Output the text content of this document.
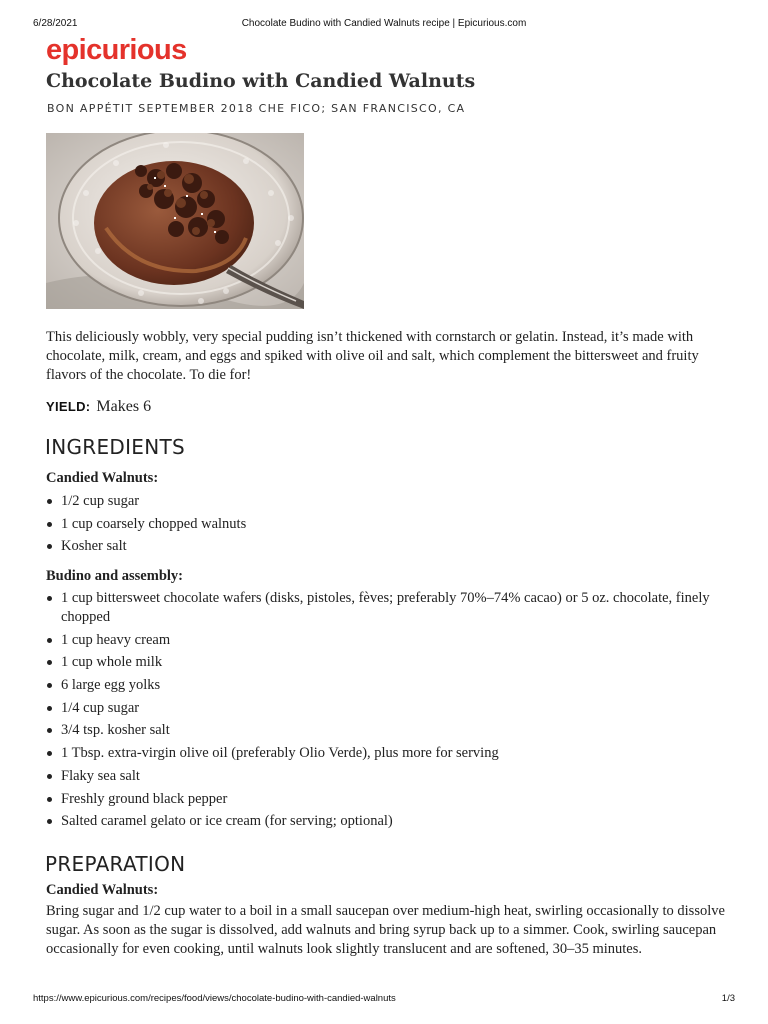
6/28/2021	Chocolate Budino with Candied Walnuts recipe | Epicurious.com
epicurious
Chocolate Budino with Candied Walnuts
BON APPÉTIT SEPTEMBER 2018 CHE FICO; SAN FRANCISCO, CA
This deliciously wobbly, very special pudding isn’t thickened with cornstarch or gelatin. Instead, it’s made with chocolate, milk, cream, and eggs and spiked with olive oil and salt, which complement the bittersweet and fruity flavors of the chocolate. To die for!
YIELD: Makes 6
INGREDIENTS
Candied Walnuts:
1/2 cup sugar
1 cup coarsely chopped walnuts
Kosher salt
Budino and assembly:
1 cup bittersweet chocolate wafers (disks, pistoles, fèves; preferably 70%–74% cacao) or 5 oz. chocolate, finely chopped
1 cup heavy cream
1 cup whole milk
6 large egg yolks
1/4 cup sugar
3/4 tsp. kosher salt
1 Tbsp. extra-virgin olive oil (preferably Olio Verde), plus more for serving
Flaky sea salt
Freshly ground black pepper
Salted caramel gelato or ice cream (for serving; optional)
PREPARATION
Candied Walnuts:
Bring sugar and 1/2 cup water to a boil in a small saucepan over medium-high heat, swirling occasionally to dissolve sugar. As soon as the sugar is dissolved, add walnuts and bring syrup back up to a simmer. Cook, swirling saucepan occasionally for even cooking, until walnuts look slightly translucent and are softened, 30–35 minutes.
https://www.epicurious.com/recipes/food/views/chocolate-budino-with-candied-walnuts	1/3
